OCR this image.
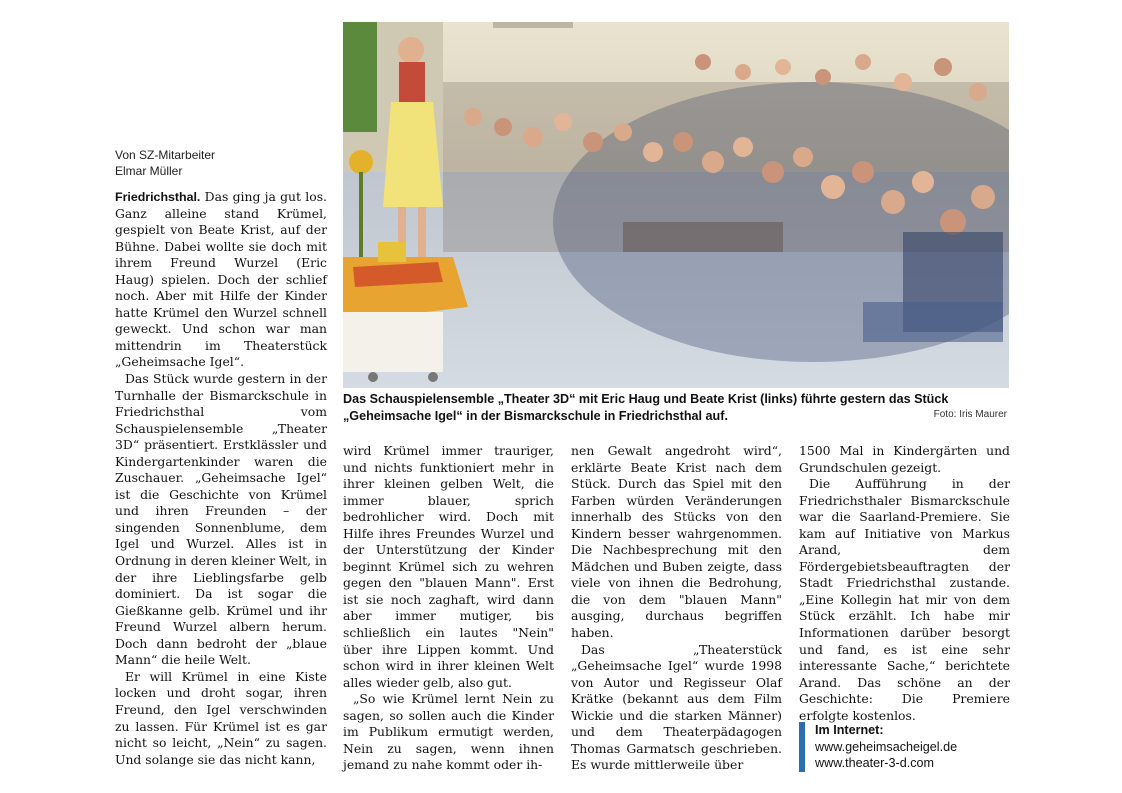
Von SZ-Mitarbeiter
Elmar Müller

Friedrichsthal. Das ging ja gut los. Ganz alleine stand Krümel, gespielt von Beate Krist, auf der Bühne. Dabei wollte sie doch mit ihrem Freund Wurzel (Eric Haug) spielen. Doch der schlief noch. Aber mit Hilfe der Kinder hatte Krümel den Wurzel schnell geweckt. Und schon war man mittendrin im Theaterstück „Geheimsache Igel“.

Das Stück wurde gestern in der Turnhalle der Bismarckschule in Friedrichsthal vom Schauspielensemble „Theater 3D“ präsentiert. Erstklässler und Kindergartenkinder waren die Zuschauer. „Geheimsache Igel“ ist die Geschichte von Krümel und ihren Freunden – der singenden Sonnenblume, dem Igel und Wurzel. Alles ist in Ordnung in deren kleiner Welt, in der ihre Lieblingsfarbe gelb dominiert. Da ist sogar die Gießkanne gelb. Krümel und ihr Freund Wurzel albern herum. Doch dann bedroht der „blaue Mann“ die heile Welt.

Er will Krümel in eine Kiste locken und droht sogar, ihren Freund, den Igel verschwinden zu lassen. Für Krümel ist es gar nicht so leicht, „Nein“ zu sagen. Und solange sie das nicht kann,

Das Schauspielensemble „Theater 3D“ mit Eric Haug und Beate Krist (links) führte gestern das Stück „Geheimsache Igel“ in der Bismarckschule in Friedrichsthal auf.	Foto: Iris Maurer

wird Krümel immer trauriger, und nichts funktioniert mehr in ihrer kleinen gelben Welt, die immer blauer, sprich bedrohlicher wird. Doch mit Hilfe ihres Freundes Wurzel und der Unterstützung der Kinder beginnt Krümel sich zu wehren gegen den "blauen Mann". Erst ist sie noch zaghaft, wird dann aber immer mutiger, bis schließlich ein lautes "Nein" über ihre Lippen kommt. Und schon wird in ihrer kleinen Welt alles wieder gelb, also gut.

„So wie Krümel lernt Nein zu sagen, so sollen auch die Kinder im Publikum ermutigt werden, Nein zu sagen, wenn ihnen jemand zu nahe kommt oder ih-

nen Gewalt angedroht wird“, erklärte Beate Krist nach dem Stück. Durch das Spiel mit den Farben würden Veränderungen innerhalb des Stücks von den Kindern besser wahrgenommen. Die Nachbesprechung mit den Mädchen und Buben zeigte, dass viele von ihnen die Bedrohung, die von dem "blauen Mann" ausging, durchaus begriffen haben.

Das „Theaterstück „Geheimsache Igel“ wurde 1998 von Autor und Regisseur Olaf Krätke (bekannt aus dem Film Wickie und die starken Männer) und dem Theaterpädagogen Thomas Garmatsch geschrieben. Es wurde mittlerweile über

1500 Mal in Kindergärten und Grundschulen gezeigt.

Die Aufführung in der Friedrichsthaler Bismarckschule war die Saarland-Premiere. Sie kam auf Initiative von Markus Arand, dem Fördergebietsbeauftragten der Stadt Friedrichsthal zustande. „Eine Kollegin hat mir von dem Stück erzählt. Ich habe mir Informationen darüber besorgt und fand, es ist eine sehr interessante Sache,“ berichtete Arand. Das schöne an der Geschichte: Die Premiere erfolgte kostenlos.

Im Internet:
www.geheimsacheigel.de
www.theater-3-d.com
